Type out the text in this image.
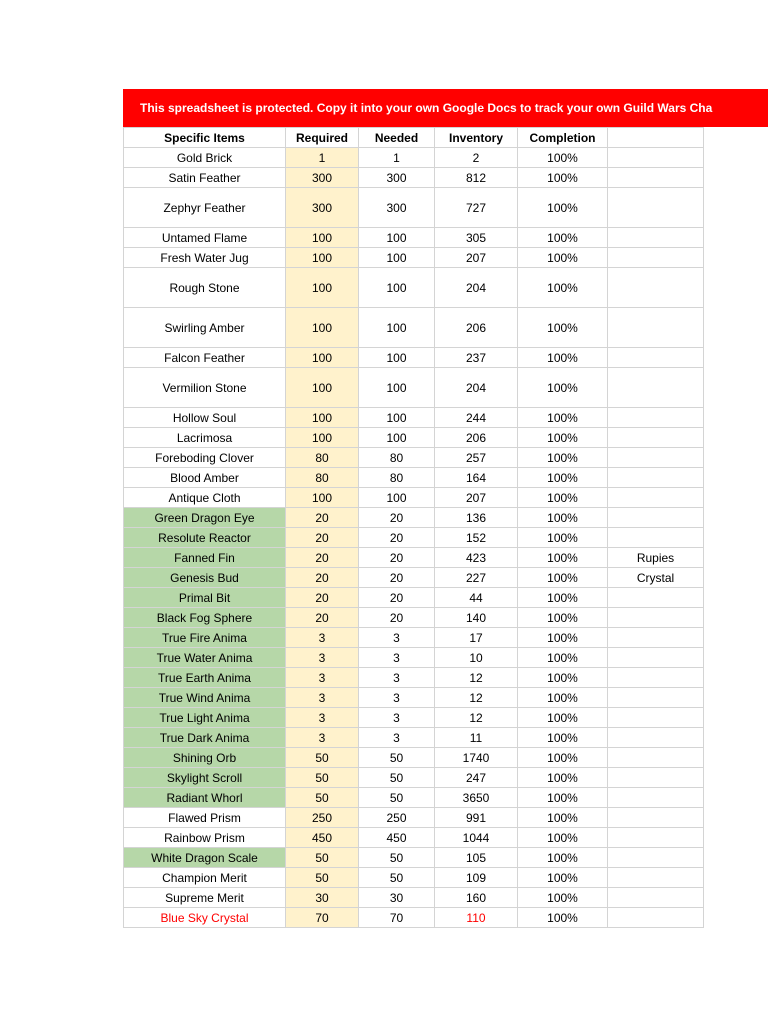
This spreadsheet is protected. Copy it into your own Google Docs to track your own Guild Wars Cha
Specific Items	Required	Needed	Inventory	Completion	
Gold Brick	1	1	2	100%	
Satin Feather	300	300	812	100%	
Zephyr Feather	300	300	727	100%	
Untamed Flame	100	100	305	100%	
Fresh Water Jug	100	100	207	100%	
Rough Stone	100	100	204	100%	
Swirling Amber	100	100	206	100%	
Falcon Feather	100	100	237	100%	
Vermilion Stone	100	100	204	100%	
Hollow Soul	100	100	244	100%	
Lacrimosa	100	100	206	100%	
Foreboding Clover	80	80	257	100%	
Blood Amber	80	80	164	100%	
Antique Cloth	100	100	207	100%	
Green Dragon Eye	20	20	136	100%	
Resolute Reactor	20	20	152	100%	
Fanned Fin	20	20	423	100%	Rupies
Genesis Bud	20	20	227	100%	Crystal
Primal Bit	20	20	44	100%	
Black Fog Sphere	20	20	140	100%	
True Fire Anima	3	3	17	100%	
True Water Anima	3	3	10	100%	
True Earth Anima	3	3	12	100%	
True Wind Anima	3	3	12	100%	
True Light Anima	3	3	12	100%	
True Dark Anima	3	3	11	100%	
Shining Orb	50	50	1740	100%	
Skylight Scroll	50	50	247	100%	
Radiant Whorl	50	50	3650	100%	
Flawed Prism	250	250	991	100%	
Rainbow Prism	450	450	1044	100%	
White Dragon Scale	50	50	105	100%	
Champion Merit	50	50	109	100%	
Supreme Merit	30	30	160	100%	
Blue Sky Crystal	70	70	110	100%	
